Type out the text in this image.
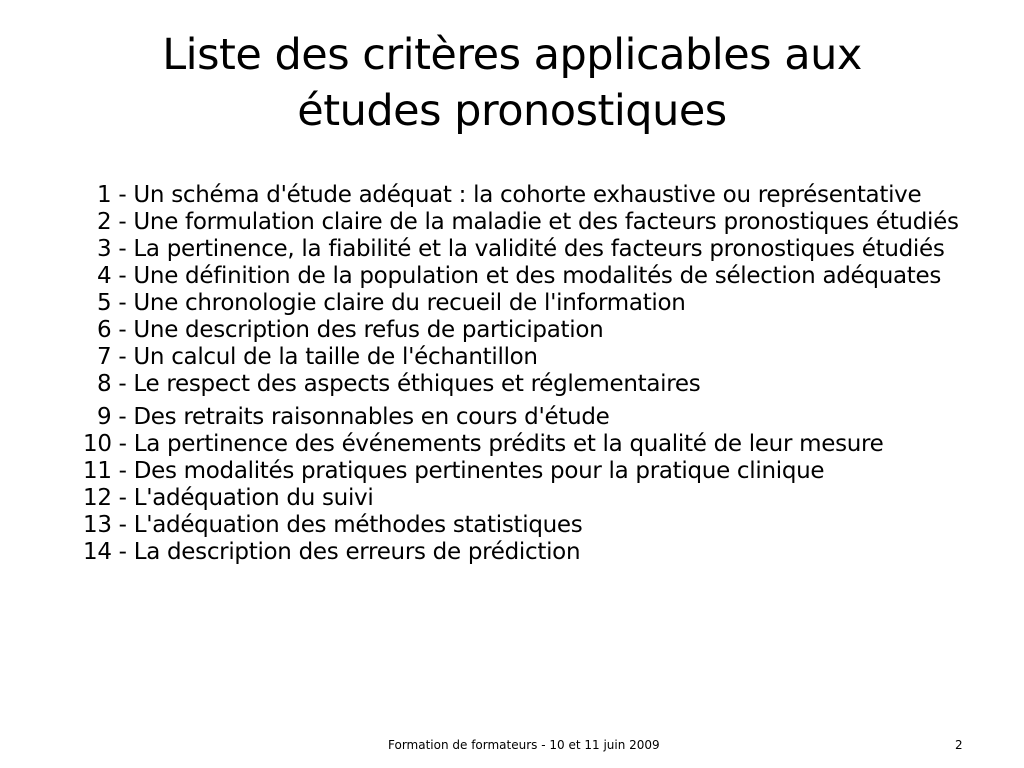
Liste des critères applicables aux
études pronostiques
1 - Un schéma d'étude adéquat : la cohorte exhaustive ou représentative
2 - Une formulation claire de la maladie et des facteurs pronostiques étudiés
3 - La pertinence, la fiabilité et la validité des facteurs pronostiques étudiés
4 - Une définition de la population et des modalités de sélection adéquates
5 - Une chronologie claire du recueil de l'information
6 - Une description des refus de participation
7 - Un calcul de la taille de l'échantillon
8 - Le respect des aspects éthiques et réglementaires
9 - Des retraits raisonnables en cours d'étude
10 - La pertinence des événements prédits et la qualité de leur mesure
11 - Des modalités pratiques pertinentes pour la pratique clinique
12 - L'adéquation du suivi
13 - L'adéquation des méthodes statistiques
14 - La description des erreurs de prédiction
Formation de formateurs - 10 et 11 juin 2009	2
